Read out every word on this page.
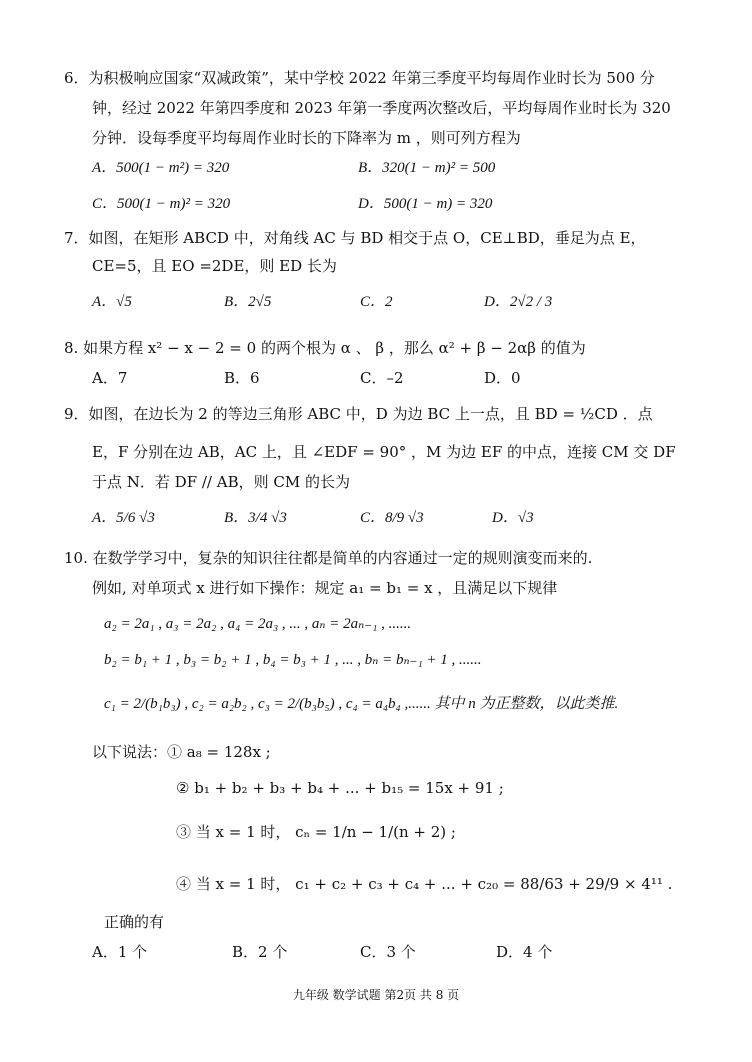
6．为积极响应国家“双减政策”，某中学校 2022 年第三季度平均每周作业时长为 500 分
钟，经过 2022 年第四季度和 2023 年第一季度两次整改后，平均每周作业时长为 320
分钟．设每季度平均每周作业时长的下降率为 m ，则可列方程为
A．500(1 − m²) = 320	B．320(1 − m)² = 500
C．500(1 − m)² = 320	D．500(1 − m) = 320
7．如图，在矩形 ABCD 中，对角线 AC 与 BD 相交于点 O，CE⊥BD，垂足为点 E，
CE=5，且 EO =2DE，则 ED 长为
A．√5	B．2√5	C．2	D．2√2 / 3
8. 如果方程 x² − x − 2 = 0 的两个根为 α 、 β ，那么 α² + β − 2αβ 的值为
A．7	B．6	C．–2	D．0
9．如图，在边长为 2 的等边三角形 ABC 中，D 为边 BC 上一点，且 BD = ½CD ．点
E，F 分别在边 AB，AC 上，且 ∠EDF = 90° ，M 为边 EF 的中点，连接 CM 交 DF
于点 N．若 DF // AB，则 CM 的长为
A．5/6 √3	B．3/4 √3	C．8/9 √3	D．√3
10. 在数学学习中，复杂的知识往往都是简单的内容通过一定的规则演变而来的.
例如, 对单项式 x 进行如下操作：规定 a₁ = b₁ = x ，且满足以下规律
a₂ = 2a₁ , a₃ = 2a₂ , a₄ = 2a₃ , ... , aₙ = 2aₙ₋₁ , ......
b₂ = b₁ + 1 , b₃ = b₂ + 1 , b₄ = b₃ + 1 , ... , bₙ = bₙ₋₁ + 1 , ......
c₁ = 2/(b₁b₃) , c₂ = a₂b₂ , c₃ = 2/(b₃b₅) , c₄ = a₄b₄ ,...... 其中 n 为正整数，以此类推.
以下说法：① a₈ = 128x ;
② b₁ + b₂ + b₃ + b₄ + ... + b₁₅ = 15x + 91 ;
③ 当 x = 1 时， cₙ = 1/n − 1/(n + 2) ;
④ 当 x = 1 时， c₁ + c₂ + c₃ + c₄ + ... + c₂₀ = 88/63 + 29/9 × 4¹¹ .
正确的有
A．1 个	B．2 个	C．3 个	D．4 个
九年级 数学试题 第2页 共 8 页
